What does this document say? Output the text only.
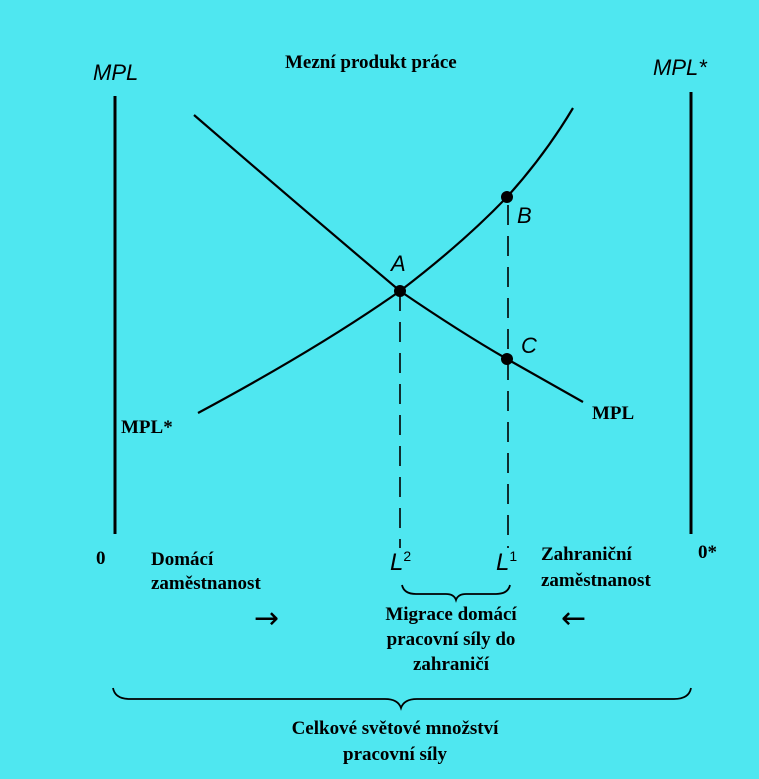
Mezní produkt práce
MPL	MPL*
A
B
C
MPL
MPL*
0	0*
Domácí
zaměstnanost
Zahraniční
zaměstnanost
$L^2$	$L^1$
Migrace domácí
pracovní síly do
zahraničí
→	←
Celkové světové množství
pracovní síly
